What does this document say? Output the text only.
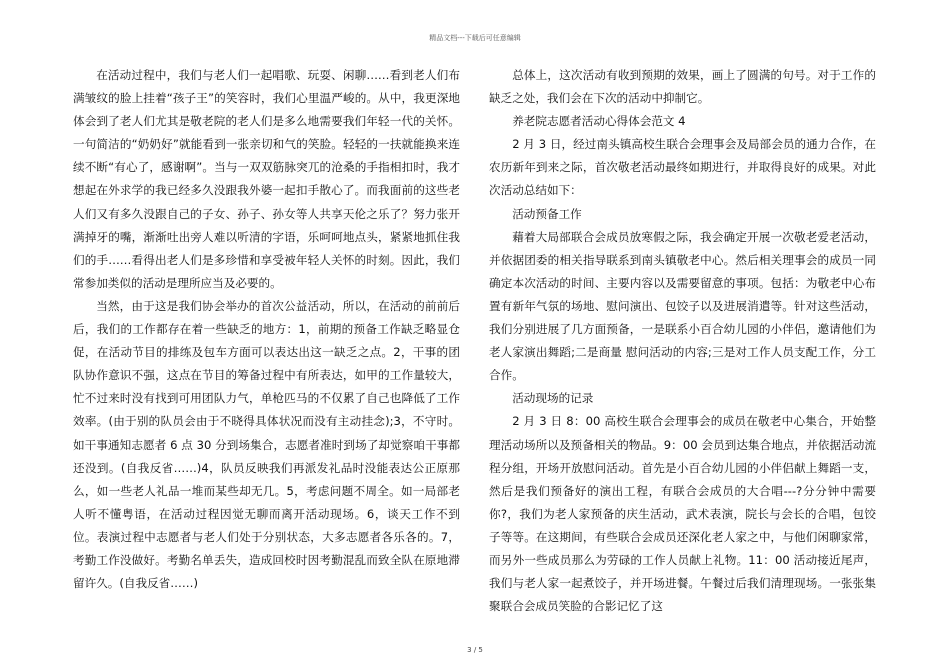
精品文档---下载后可任意编辑

在活动过程中，我们与老人们一起唱歌、玩耍、闲聊……看到老人们布满皱纹的脸上挂着“孩子王”的笑容时，我们心里温严峻的。从中，我更深地体会到了老人们尤其是敬老院的老人们是多么地需要我们年轻一代的关怀。一句简洁的“奶奶好”就能看到一张亲切和气的笑脸。轻轻的一扶就能换来连续不断“有心了，感谢啊”。当与一双双筋脉突兀的沧桑的手指相扣时，我才想起在外求学的我已经多久没跟我外婆一起扣手散心了。而我面前的这些老人们又有多久没跟自己的子女、孙子、孙女等人共享天伦之乐了？努力张开满掉牙的嘴，渐渐吐出旁人难以听清的字语，乐呵呵地点头，紧紧地抓住我们的手……看得出老人们是多珍惜和享受被年轻人关怀的时刻。因此，我们常参加类似的活动是理所应当及必要的。

当然，由于这是我们协会举办的首次公益活动，所以，在活动的前前后后，我们的工作都存在着一些缺乏的地方：1，前期的预备工作缺乏略显仓促，在活动节目的排练及包车方面可以表达出这一缺乏之点。2，干事的团队协作意识不强，这点在节目的筹备过程中有所表达，如甲的工作量较大，忙不过来时没有找到可用团队力气，单枪匹马的不仅累了自己也降低了工作效率。(由于别的队员会由于不晓得具体状况而没有主动挂念);3，不守时。如干事通知志愿者 6 点 30 分到场集合，志愿者准时到场了却觉察咱干事都还没到。(自我反省……)4，队员反映我们再派发礼品时没能表达公正原那么，如一些老人礼品一堆而某些却无几。5，考虑问题不周全。如一局部老人听不懂粤语，在活动过程因觉无聊而离开活动现场。6，谈天工作不到位。表演过程中志愿者与老人们处于分别状态，大多志愿者各乐各的。7，考勤工作没做好。考勤名单丢失，造成回校时因考勤混乱而致全队在原地滞留许久。(自我反省……)

总体上，这次活动有收到预期的效果，画上了圆满的句号。对于工作的缺乏之处，我们会在下次的活动中抑制它。

养老院志愿者活动心得体会范文 4

2 月 3 日，经过南头镇高校生联合会理事会及局部会员的通力合作，在农历新年到来之际，首次敬老活动最终如期进行，并取得良好的成果。对此次活动总结如下：

活动预备工作

藉着大局部联合会成员放寒假之际，我会确定开展一次敬老爱老活动，并依据团委的相关指导联系到南头镇敬老中心。然后相关理事会的成员一同确定本次活动的时间、主要内容以及需要留意的事项。包括：为敬老中心布置有新年气氛的场地、慰问演出、包饺子以及进展消遣等。针对这些活动，我们分别进展了几方面预备，一是联系小百合幼儿园的小伴侣，邀请他们为老人家演出舞蹈;二是商量 慰问活动的内容;三是对工作人员支配工作，分工合作。

活动现场的记录

2 月 3 日 8：00 高校生联合会理事会的成员在敬老中心集合，开始整理活动场所以及预备相关的物品。9：00 会员到达集合地点，并依据活动流程分组，开场开放慰问活动。首先是小百合幼儿园的小伴侣献上舞蹈一支，然后是我们预备好的演出工程，有联合会成员的大合唱---?分分钟中需要你?，我们为老人家预备的庆生活动，武术表演，院长与会长的合唱，包饺子等等。在这期间，有些联合会成员还深化老人家之中，与他们闲聊家常，而另外一些成员那么为劳碌的工作人员献上礼物。11：00 活动接近尾声，我们与老人家一起煮饺子，并开场进餐。午餐过后我们清理现场。一张张集聚联合会成员笑脸的合影记忆了这

3 / 5
